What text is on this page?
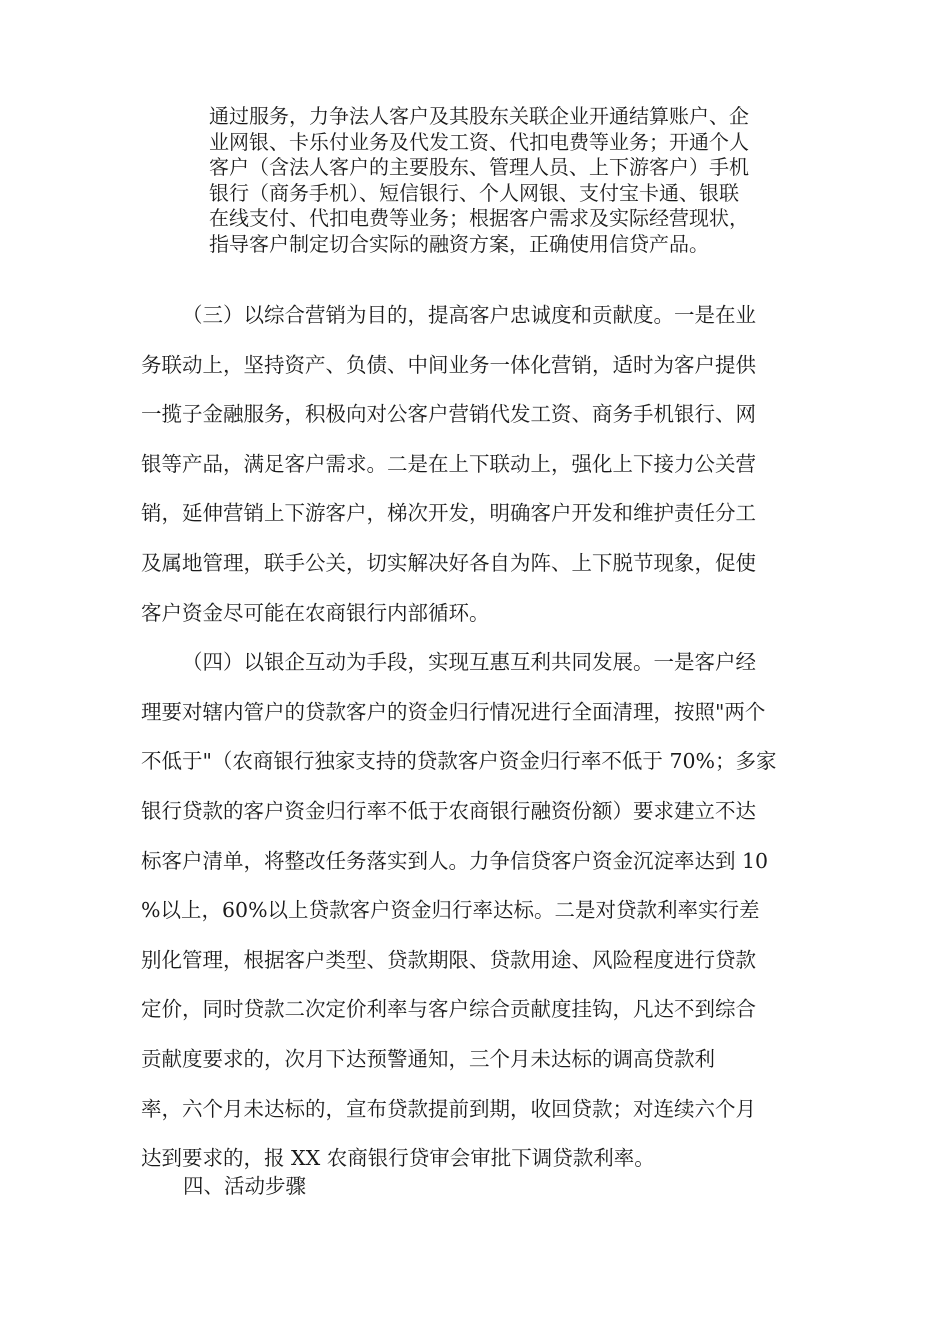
通过服务，力争法人客户及其股东关联企业开通结算账户、企
业网银、卡乐付业务及代发工资、代扣电费等业务；开通个人
客户（含法人客户的主要股东、管理人员、上下游客户）手机
银行（商务手机）、短信银行、个人网银、支付宝卡通、银联
在线支付、代扣电费等业务；根据客户需求及实际经营现状，
指导客户制定切合实际的融资方案，正确使用信贷产品。
（三）以综合营销为目的，提高客户忠诚度和贡献度。一是在业
务联动上，坚持资产、负债、中间业务一体化营销，适时为客户提供
一揽子金融服务，积极向对公客户营销代发工资、商务手机银行、网
银等产品，满足客户需求。二是在上下联动上，强化上下接力公关营
销，延伸营销上下游客户，梯次开发，明确客户开发和维护责任分工
及属地管理，联手公关，切实解决好各自为阵、上下脱节现象，促使
客户资金尽可能在农商银行内部循环。
（四）以银企互动为手段，实现互惠互利共同发展。一是客户经
理要对辖内管户的贷款客户的资金归行情况进行全面清理，按照"两个
不低于"（农商银行独家支持的贷款客户资金归行率不低于 70%；多家
银行贷款的客户资金归行率不低于农商银行融资份额）要求建立不达
标客户清单，将整改任务落实到人。力争信贷客户资金沉淀率达到 10
%以上，60%以上贷款客户资金归行率达标。二是对贷款利率实行差
别化管理，根据客户类型、贷款期限、贷款用途、风险程度进行贷款
定价，同时贷款二次定价利率与客户综合贡献度挂钩，凡达不到综合
贡献度要求的，次月下达预警通知，三个月未达标的调高贷款利
率，六个月未达标的，宣布贷款提前到期，收回贷款；对连续六个月
达到要求的，报 XX 农商银行贷审会审批下调贷款利率。
四、活动步骤
